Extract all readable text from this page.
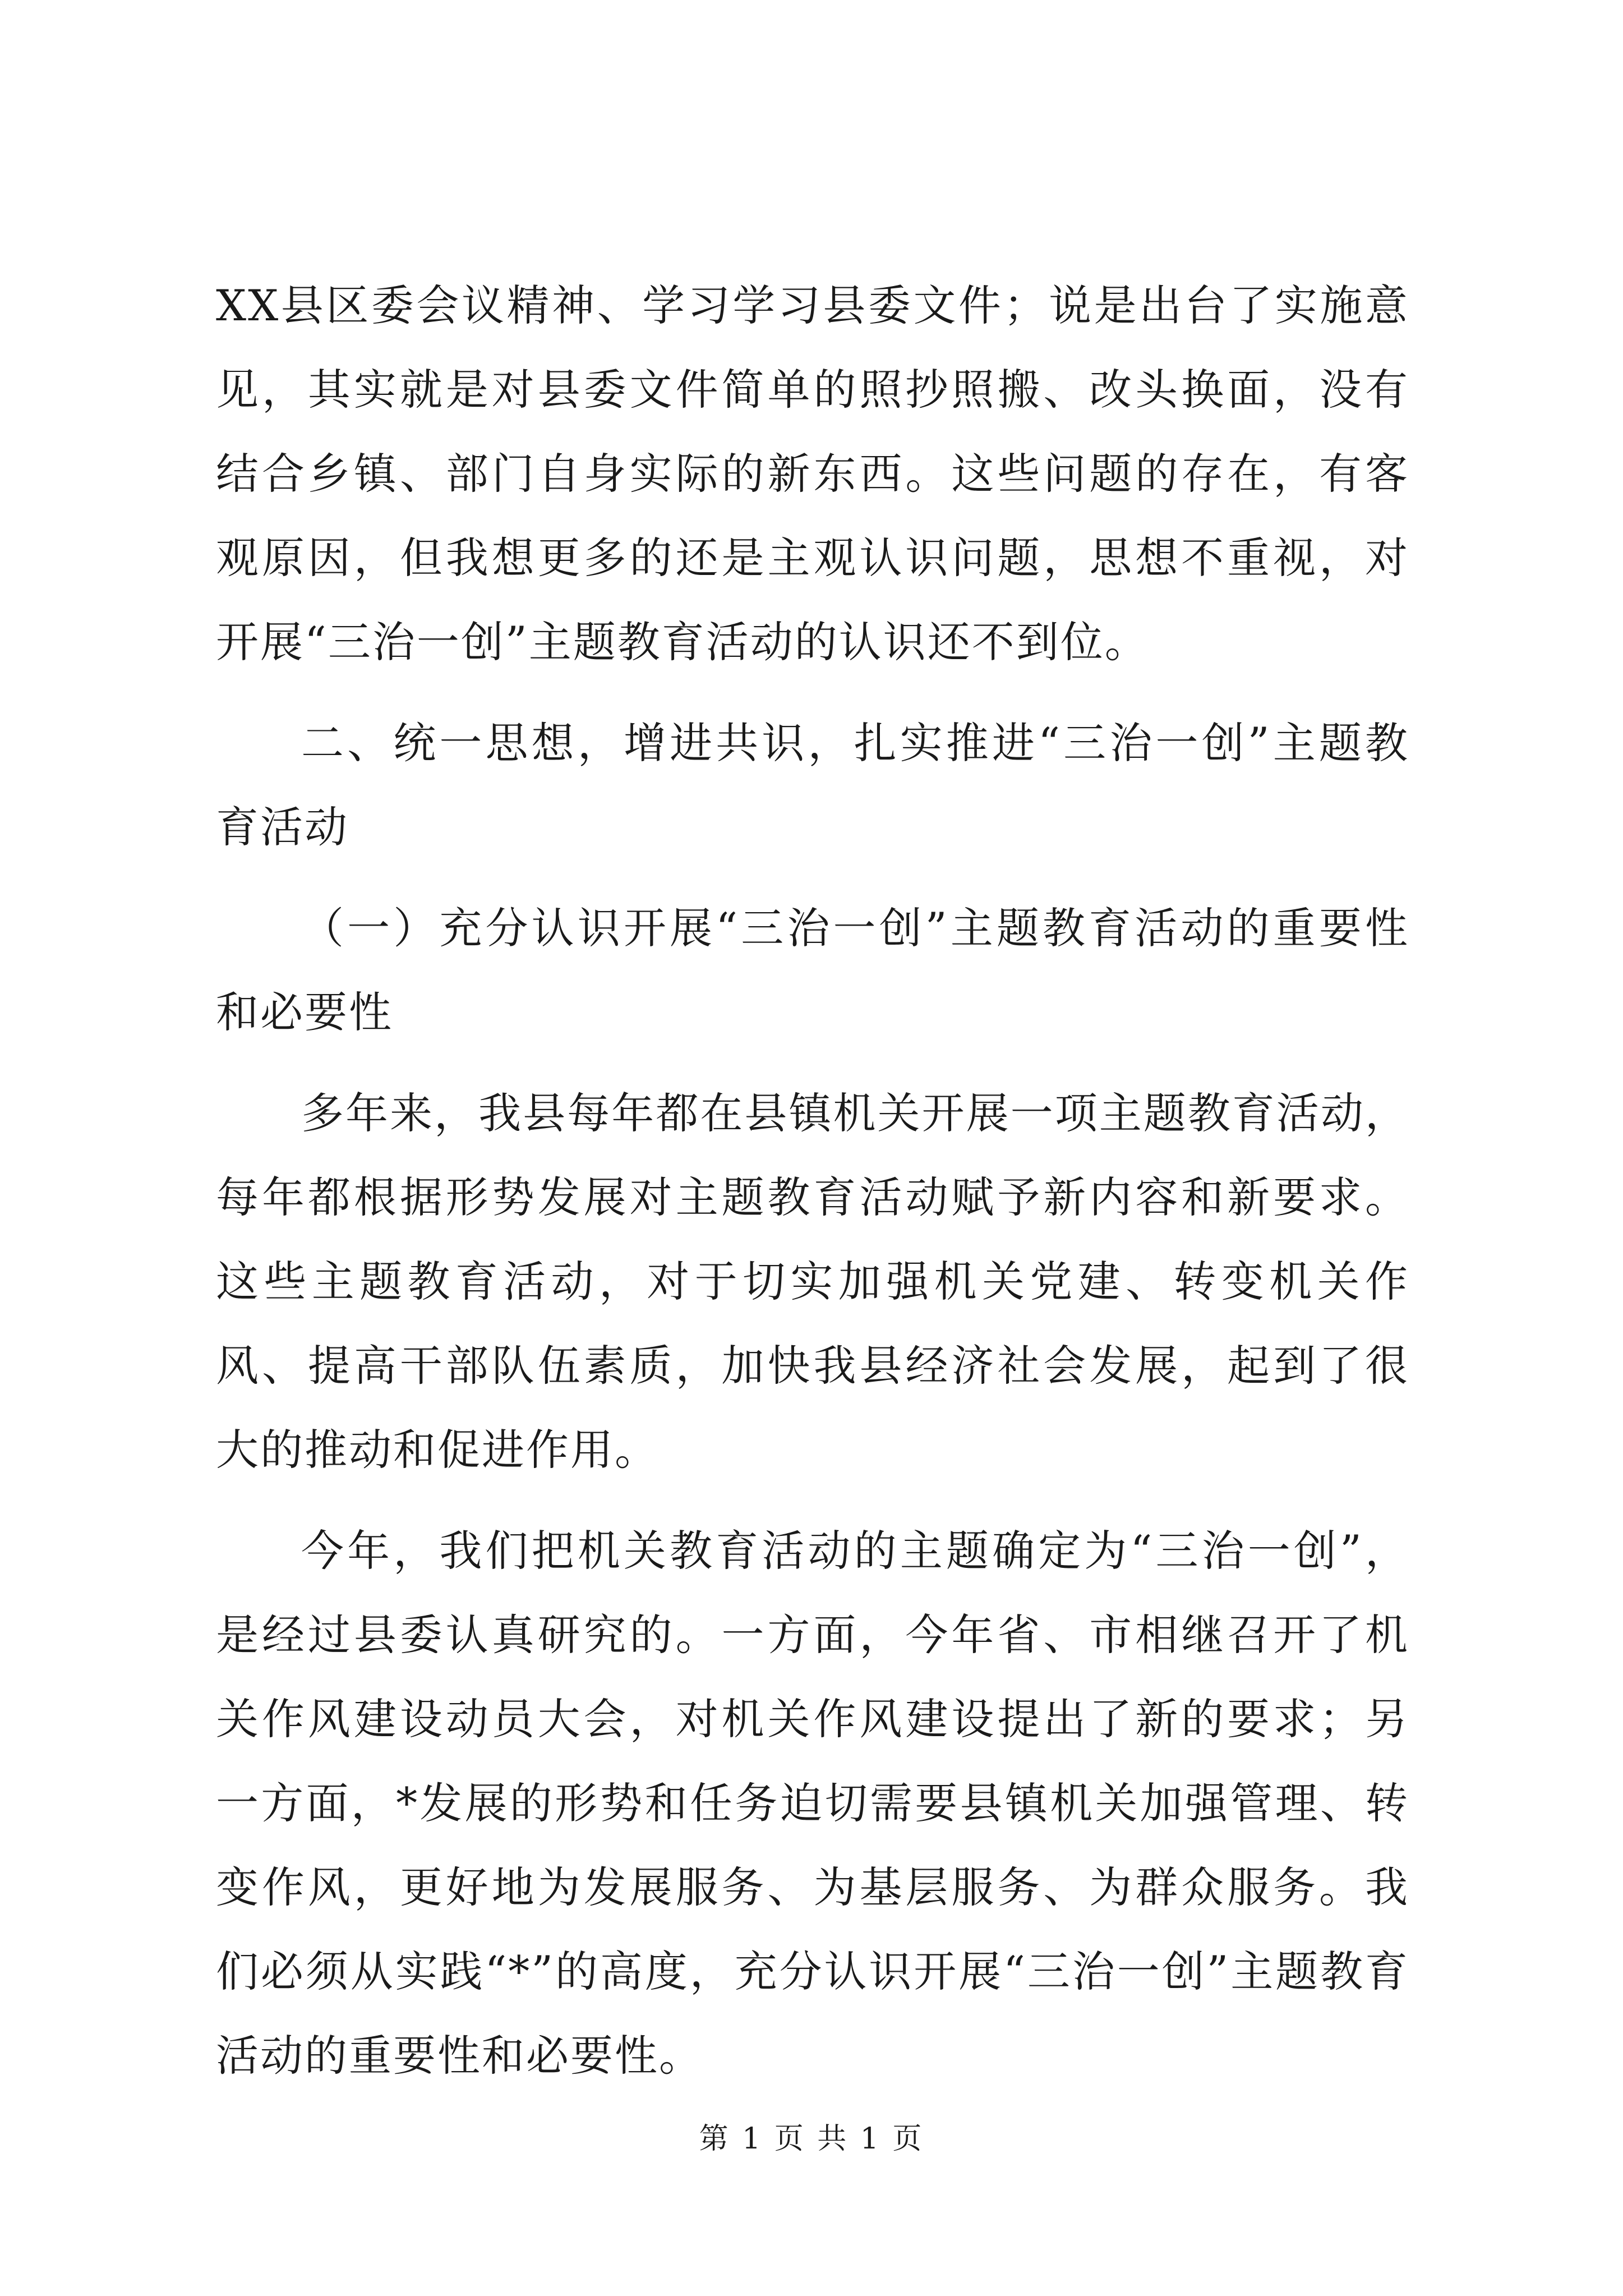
XX县区委会议精神、学习学习县委文件；说是出台了实施意见，其实就是对县委文件简单的照抄照搬、改头换面，没有结合乡镇、部门自身实际的新东西。这些问题的存在，有客观原因，但我想更多的还是主观认识问题，思想不重视，对开展“三治一创”主题教育活动的认识还不到位。

二、统一思想，增进共识，扎实推进“三治一创”主题教育活动

（一）充分认识开展“三治一创”主题教育活动的重要性和必要性

多年来，我县每年都在县镇机关开展一项主题教育活动，每年都根据形势发展对主题教育活动赋予新内容和新要求。这些主题教育活动，对于切实加强机关党建、转变机关作风、提高干部队伍素质，加快我县经济社会发展，起到了很大的推动和促进作用。

今年，我们把机关教育活动的主题确定为“三治一创”，是经过县委认真研究的。一方面，今年省、市相继召开了机关作风建设动员大会，对机关作风建设提出了新的要求；另一方面，*发展的形势和任务迫切需要县镇机关加强管理、转变作风，更好地为发展服务、为基层服务、为群众服务。我们必须从实践“*”的高度，充分认识开展“三治一创”主题教育活动的重要性和必要性。

第 1 页 共 1 页
